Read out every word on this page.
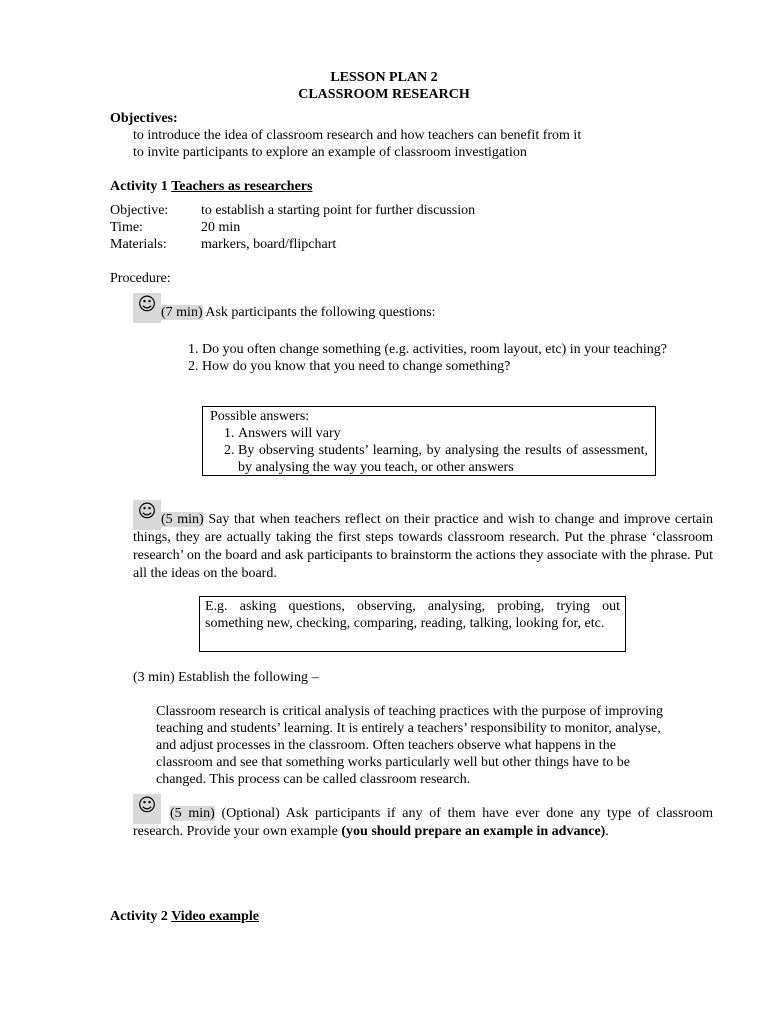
LESSON PLAN 2
CLASSROOM RESEARCH
Objectives:
to introduce the idea of classroom research and how teachers can benefit from it
to invite participants to explore an example of classroom investigation
Activity 1 Teachers as researchers
Objective:	to establish a starting point for further discussion
Time:	20 min
Materials:	markers, board/flipchart
Procedure:
☺ (7 min) Ask participants the following questions:
1. Do you often change something (e.g. activities, room layout, etc) in your teaching?
2. How do you know that you need to change something?
Possible answers:
1. Answers will vary
2. By observing students’ learning, by analysing the results of assessment, by analysing the way you teach, or other answers
☺ (5 min) Say that when teachers reflect on their practice and wish to change and improve certain things, they are actually taking the first steps towards classroom research. Put the phrase ‘classroom research’ on the board and ask participants to brainstorm the actions they associate with the phrase. Put all the ideas on the board.
E.g. asking questions, observing, analysing, probing, trying out something new, checking, comparing, reading, talking, looking for, etc.
(3 min) Establish the following –
Classroom research is critical analysis of teaching practices with the purpose of improving teaching and students’ learning. It is entirely a teachers’ responsibility to monitor, analyse, and adjust processes in the classroom. Often teachers observe what happens in the classroom and see that something works particularly well but other things have to be changed. This process can be called classroom research.
☺ (5 min) (Optional) Ask participants if any of them have ever done any type of classroom research. Provide your own example (you should prepare an example in advance).
Activity 2 Video example
